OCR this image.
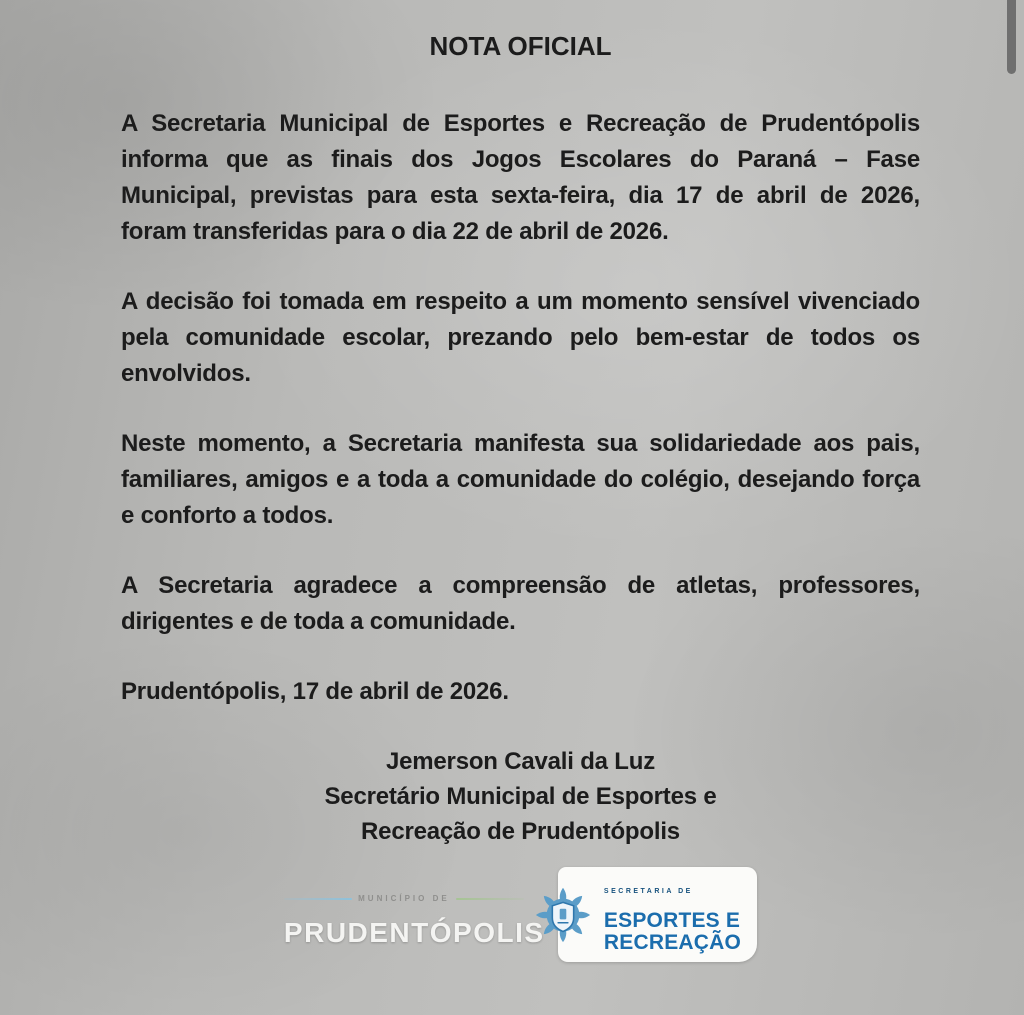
NOTA OFICIAL

A Secretaria Municipal de Esportes e Recreação de Prudentópolis informa que as finais dos Jogos Escolares do Paraná – Fase Municipal, previstas para esta sexta-feira, dia 17 de abril de 2026, foram transferidas para o dia 22 de abril de 2026.

A decisão foi tomada em respeito a um momento sensível vivenciado pela comunidade escolar, prezando pelo bem-estar de todos os envolvidos.

Neste momento, a Secretaria manifesta sua solidariedade aos pais, familiares, amigos e a toda a comunidade do colégio, desejando força e conforto a todos.

A Secretaria agradece a compreensão de atletas, professores, dirigentes e de toda a comunidade.

Prudentópolis, 17 de abril de 2026.

Jemerson Cavali da Luz
Secretário Municipal de Esportes e
Recreação de Prudentópolis
MUNICÍPIO DE
PRUDENTÓPOLIS
SECRETARIA DE
ESPORTES E
RECREAÇÃO
